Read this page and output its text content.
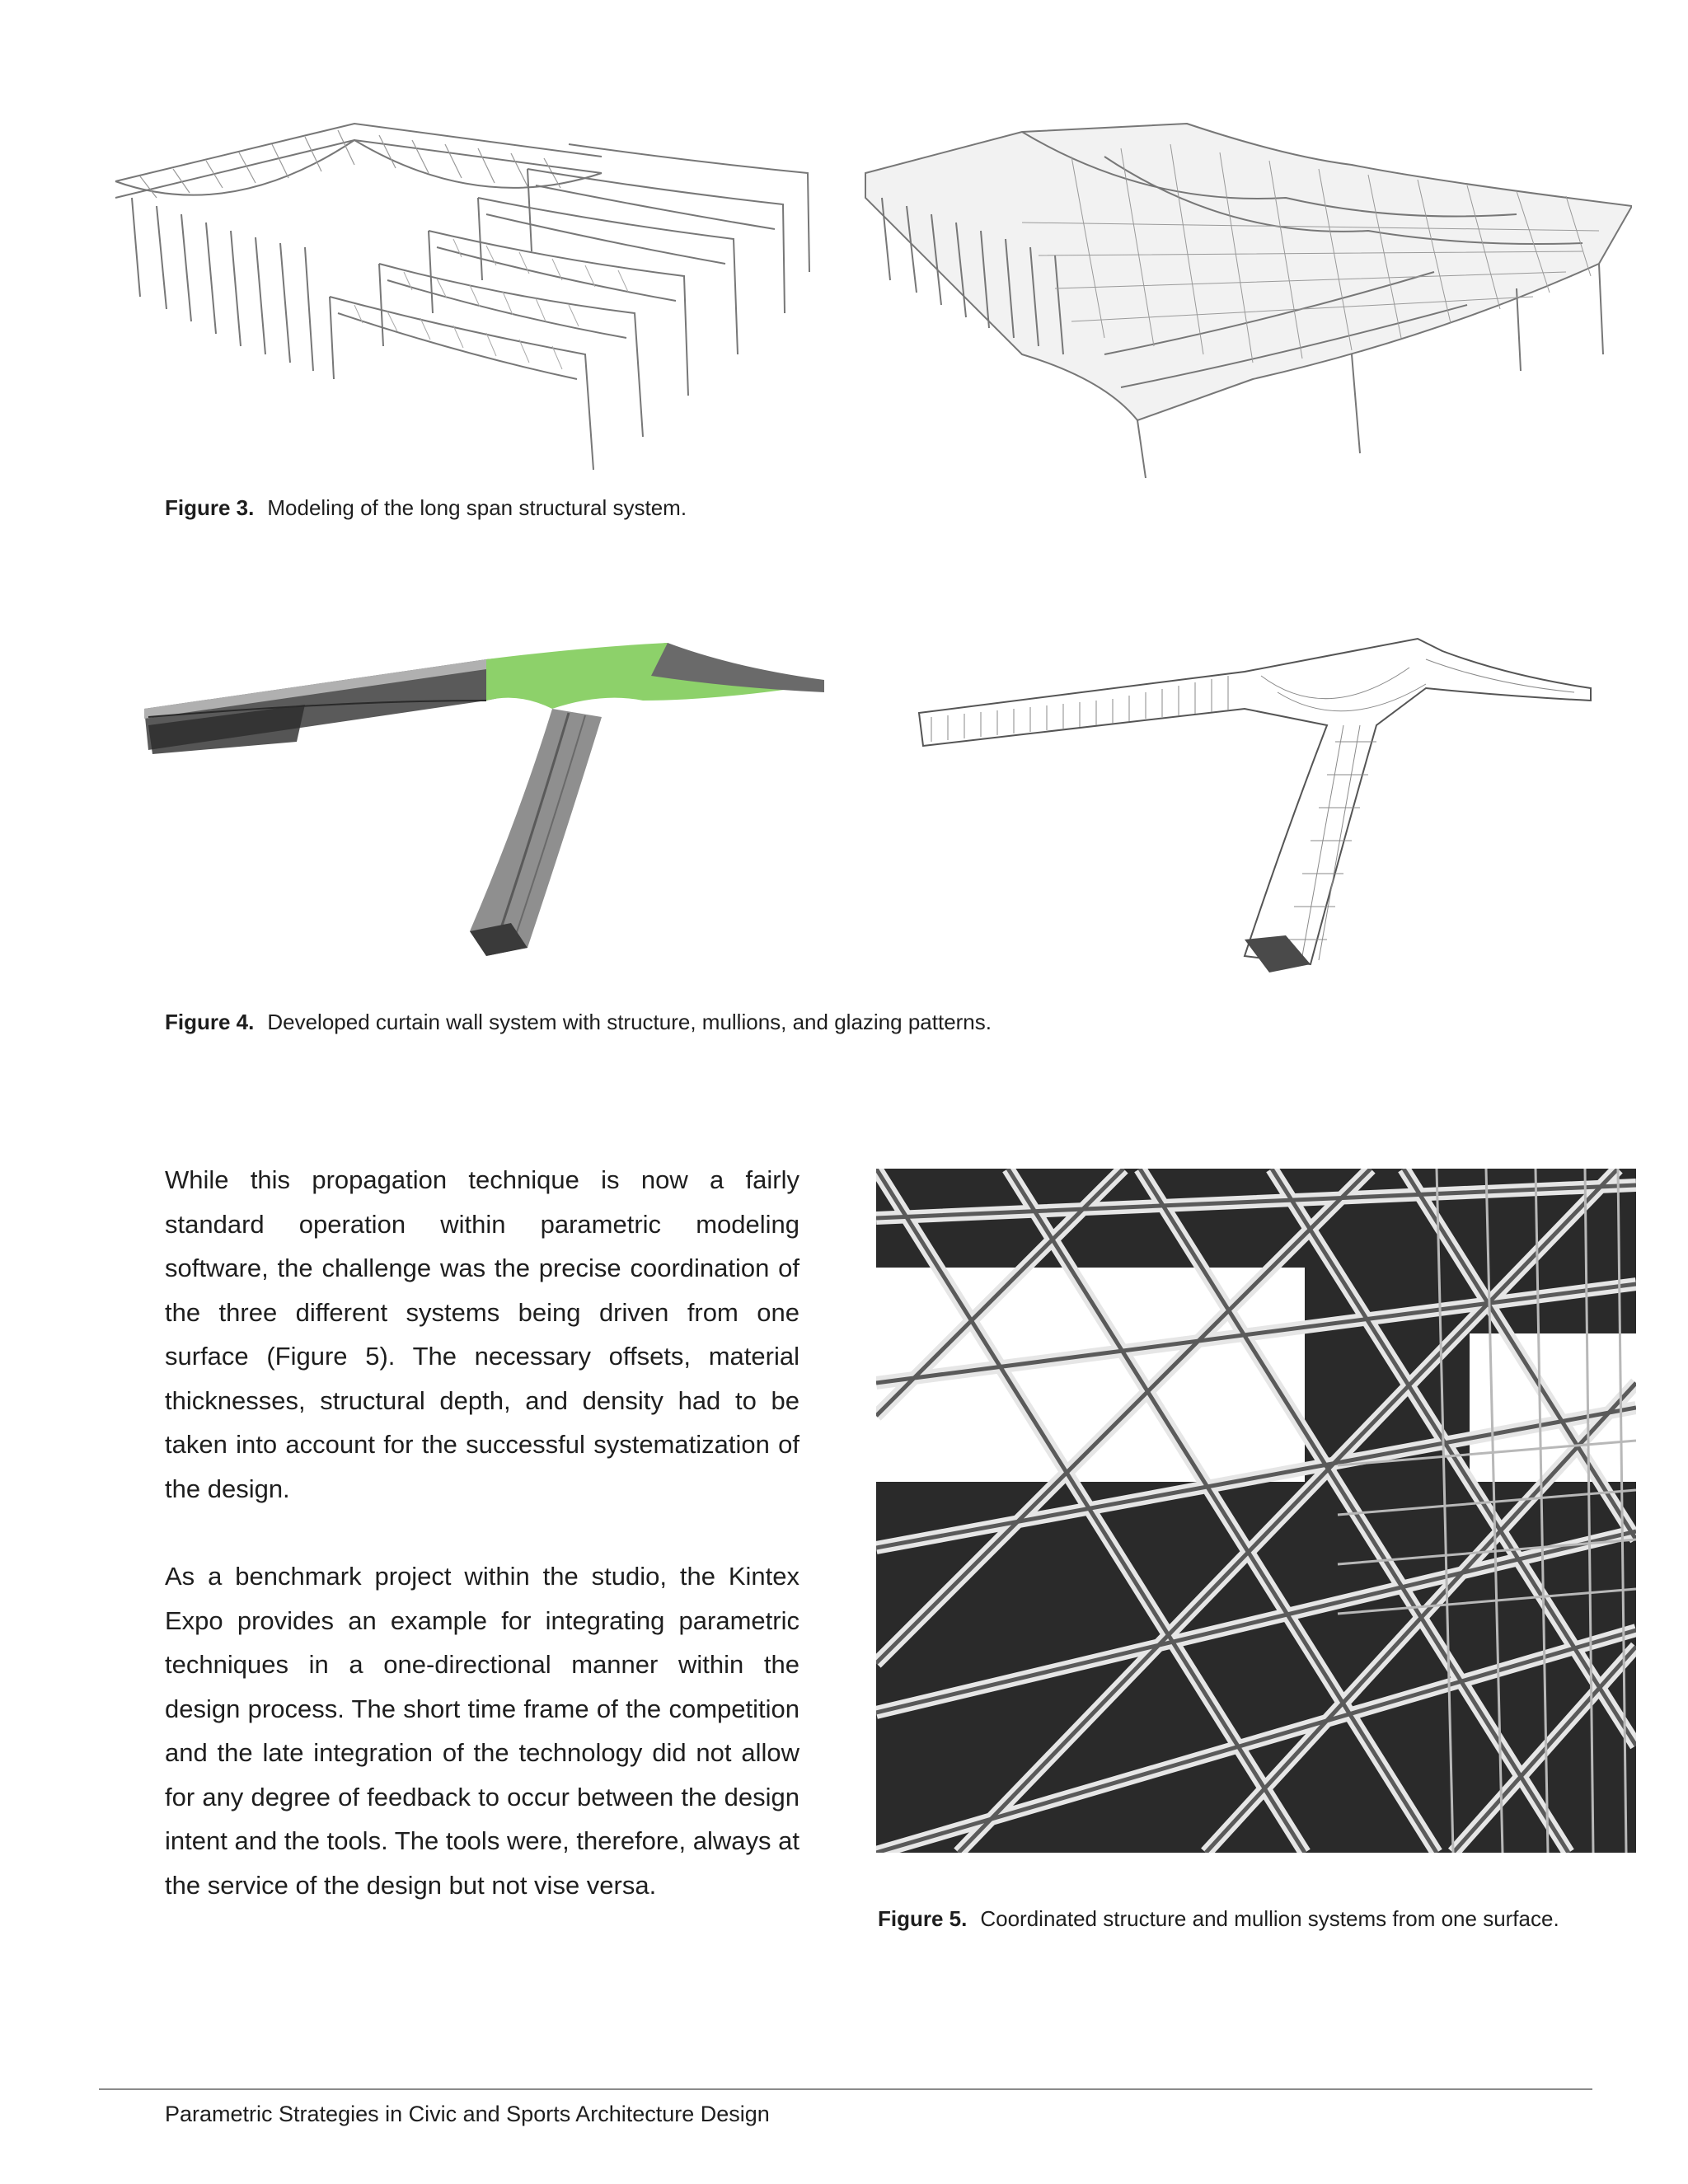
Figure 3. Modeling of the long span structural system.
Figure 4. Developed curtain wall system with structure, mullions, and glazing patterns.

While this propagation technique is now a fairly standard operation within parametric modeling software, the challenge was the precise coordination of the three different systems being driven from one surface (Figure 5). The necessary offsets, material thicknesses, structural depth, and density had to be taken into account for the successful systematization of the design.

As a benchmark project within the studio, the Kintex Expo provides an example for integrating parametric techniques in a one-directional manner within the design process. The short time frame of the competition and the late integration of the technology did not allow for any degree of feedback to occur between the design intent and the tools. The tools were, therefore, always at the service of the design but not vise versa.

Figure 5. Coordinated structure and mullion systems from one surface.
Parametric Strategies in Civic and Sports Architecture Design
